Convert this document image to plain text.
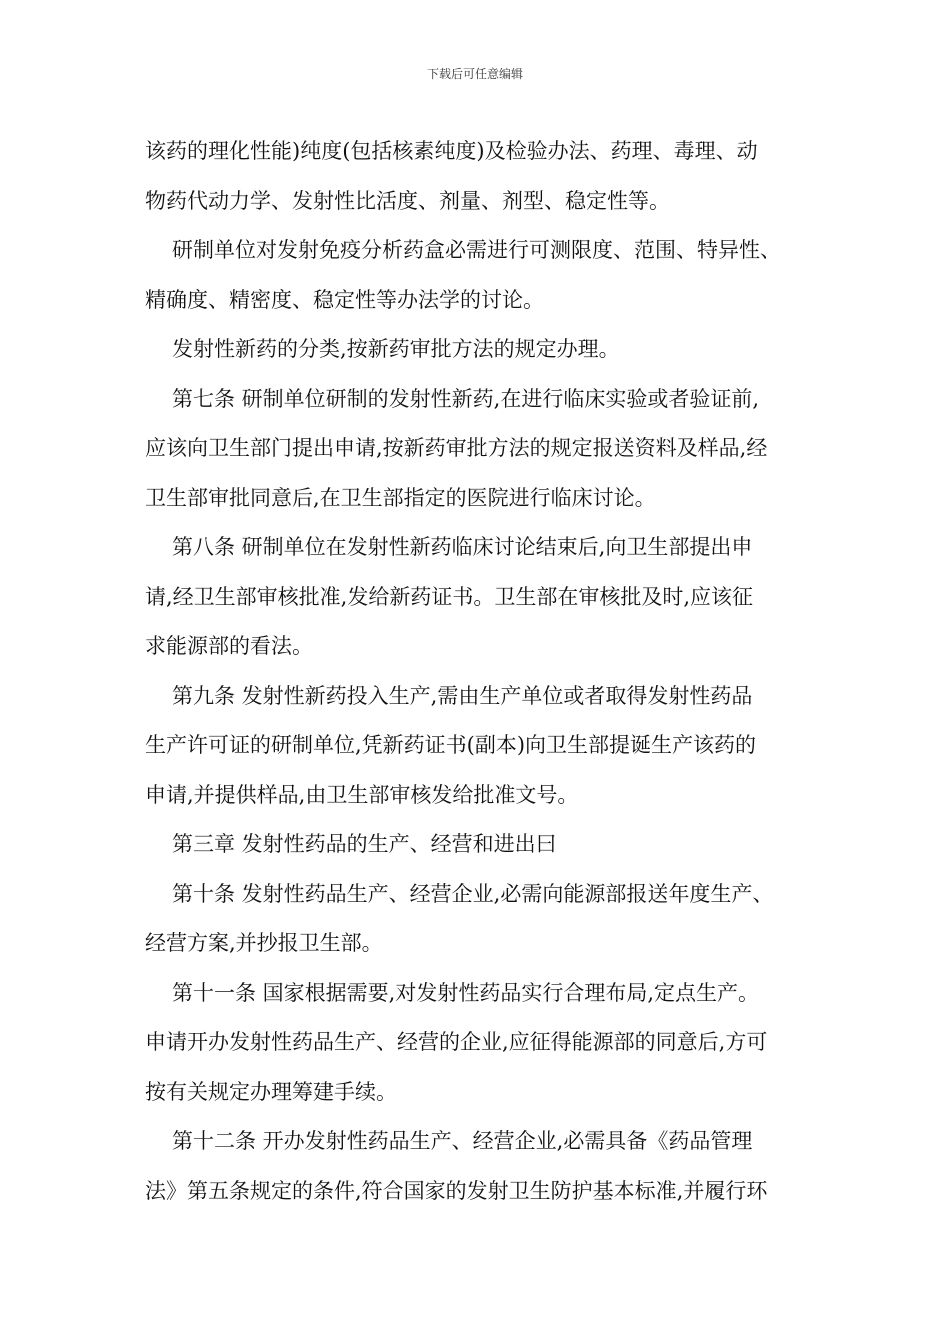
下载后可任意编辑
该药的理化性能)纯度(包括核素纯度)及检验办法、药理、毒理、动
物药代动力学、发射性比活度、剂量、剂型、稳定性等。
研制单位对发射免疫分析药盒必需进行可测限度、范围、特异性、
精确度、精密度、稳定性等办法学的讨论。
发射性新药的分类,按新药审批方法的规定办理。
第七条 研制单位研制的发射性新药,在进行临床实验或者验证前,
应该向卫生部门提出申请,按新药审批方法的规定报送资料及样品,经
卫生部审批同意后,在卫生部指定的医院进行临床讨论。
第八条 研制单位在发射性新药临床讨论结束后,向卫生部提出申
请,经卫生部审核批准,发给新药证书。卫生部在审核批及时,应该征
求能源部的看法。
第九条 发射性新药投入生产,需由生产单位或者取得发射性药品
生产许可证的研制单位,凭新药证书(副本)向卫生部提诞生产该药的
申请,并提供样品,由卫生部审核发给批准文号。
第三章 发射性药品的生产、经营和进出曰
第十条 发射性药品生产、经营企业,必需向能源部报送年度生产、
经营方案,并抄报卫生部。
第十一条 国家根据需要,对发射性药品实行合理布局,定点生产。
申请开办发射性药品生产、经营的企业,应征得能源部的同意后,方可
按有关规定办理筹建手续。
第十二条 开办发射性药品生产、经营企业,必需具备《药品管理
法》第五条规定的条件,符合国家的发射卫生防护基本标准,并履行环
